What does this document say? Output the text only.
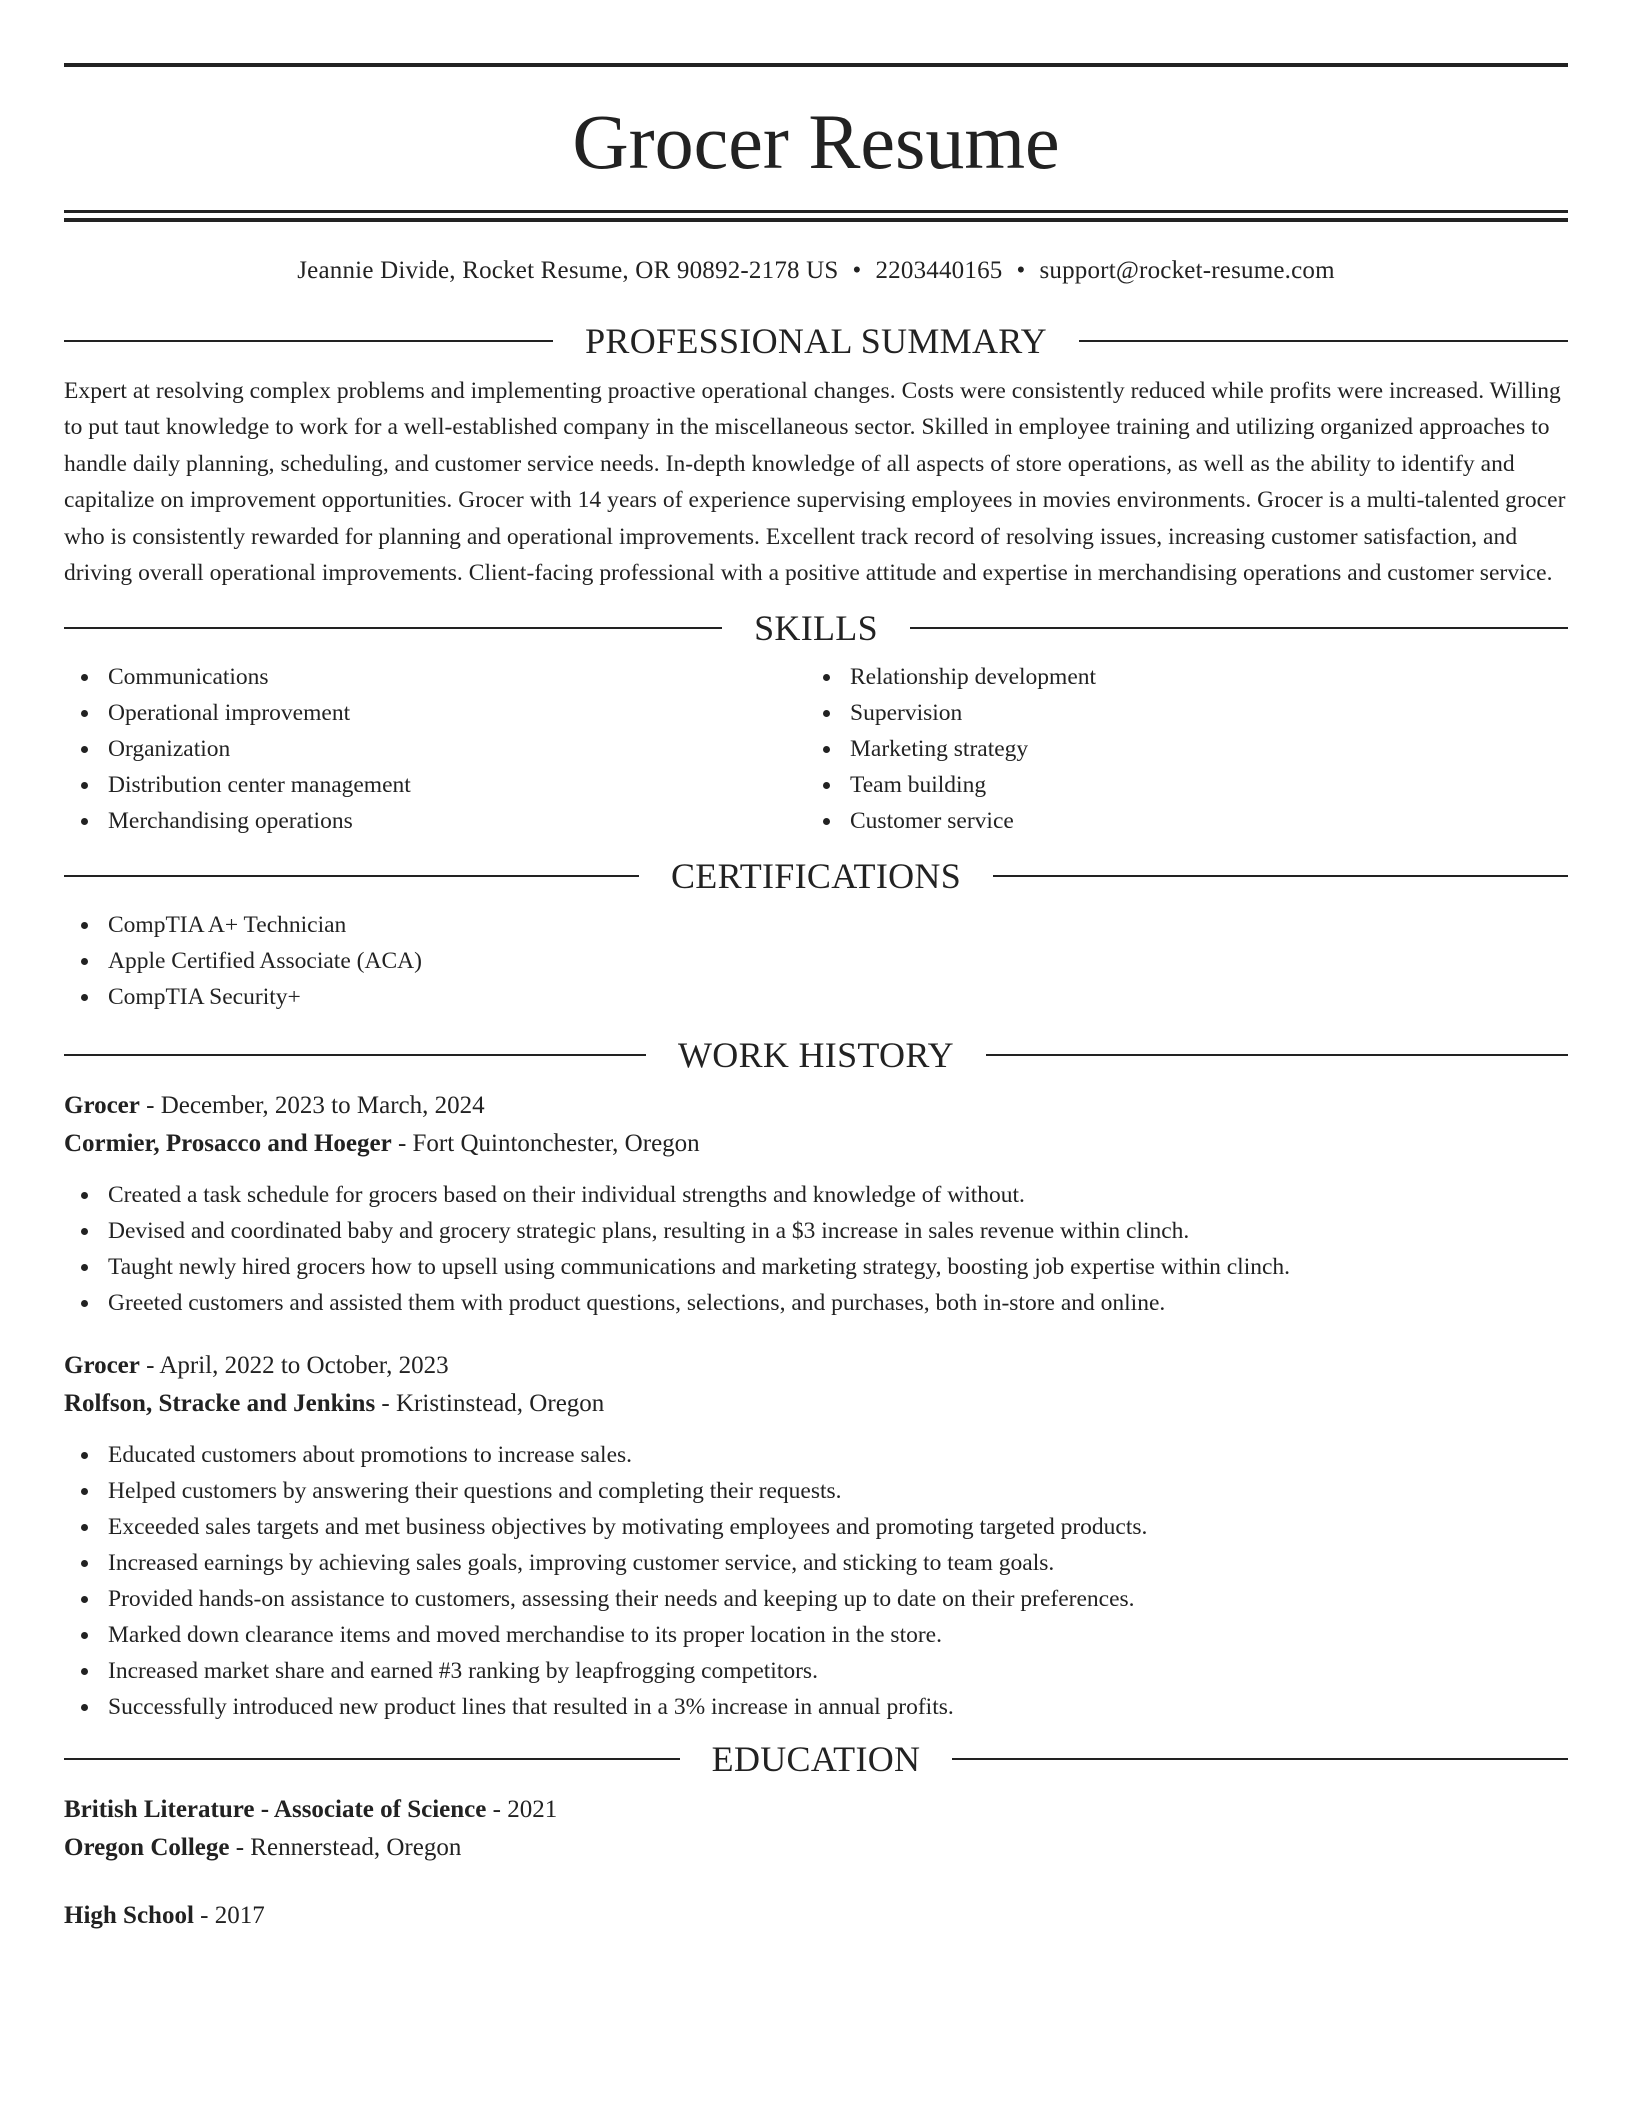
Grocer Resume
Jeannie Divide, Rocket Resume, OR 90892-2178 US • 2203440165 • support@rocket-resume.com
PROFESSIONAL SUMMARY
Expert at resolving complex problems and implementing proactive operational changes. Costs were consistently reduced while profits were increased. Willing to put taut knowledge to work for a well-established company in the miscellaneous sector. Skilled in employee training and utilizing organized approaches to handle daily planning, scheduling, and customer service needs. In-depth knowledge of all aspects of store operations, as well as the ability to identify and capitalize on improvement opportunities. Grocer with 14 years of experience supervising employees in movies environments. Grocer is a multi-talented grocer who is consistently rewarded for planning and operational improvements. Excellent track record of resolving issues, increasing customer satisfaction, and driving overall operational improvements. Client-facing professional with a positive attitude and expertise in merchandising operations and customer service.
SKILLS
Communications
Operational improvement
Organization
Distribution center management
Merchandising operations
Relationship development
Supervision
Marketing strategy
Team building
Customer service
CERTIFICATIONS
CompTIA A+ Technician
Apple Certified Associate (ACA)
CompTIA Security+
WORK HISTORY
Grocer - December, 2023 to March, 2024
Cormier, Prosacco and Hoeger - Fort Quintonchester, Oregon
Created a task schedule for grocers based on their individual strengths and knowledge of without.
Devised and coordinated baby and grocery strategic plans, resulting in a $3 increase in sales revenue within clinch.
Taught newly hired grocers how to upsell using communications and marketing strategy, boosting job expertise within clinch.
Greeted customers and assisted them with product questions, selections, and purchases, both in-store and online.
Grocer - April, 2022 to October, 2023
Rolfson, Stracke and Jenkins - Kristinstead, Oregon
Educated customers about promotions to increase sales.
Helped customers by answering their questions and completing their requests.
Exceeded sales targets and met business objectives by motivating employees and promoting targeted products.
Increased earnings by achieving sales goals, improving customer service, and sticking to team goals.
Provided hands-on assistance to customers, assessing their needs and keeping up to date on their preferences.
Marked down clearance items and moved merchandise to its proper location in the store.
Increased market share and earned #3 ranking by leapfrogging competitors.
Successfully introduced new product lines that resulted in a 3% increase in annual profits.
EDUCATION
British Literature - Associate of Science - 2021
Oregon College - Rennerstead, Oregon
High School - 2017
